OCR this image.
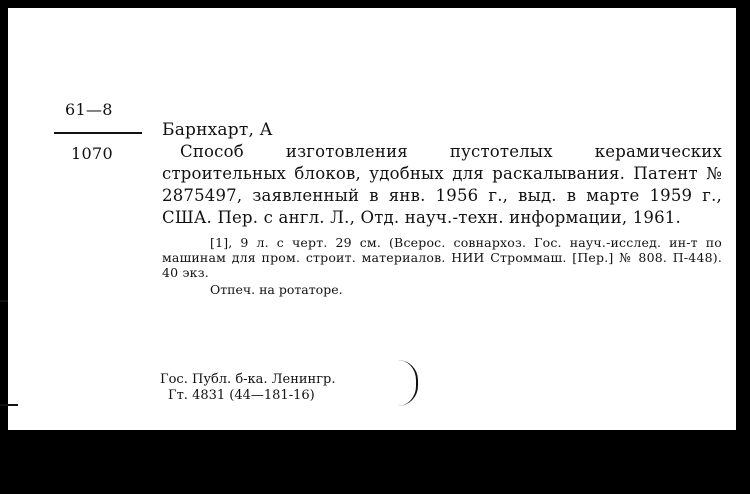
61—8
1070

Барнхарт, А

Способ изготовления пустотелых керамических строительных блоков, удобных для раскалывания. Патент № 2875497, заявленный в янв. 1956 г., выд. в марте 1959 г., США. Пер. с англ. Л., Отд. науч.-техн. информации, 1961.

[1], 9 л. с черт. 29 см. (Всерос. совнархоз. Гос. науч.-исслед. ин-т по машинам для пром. строит. материалов. НИИ Строммаш. [Пер.] № 808. П-448). 40 экз.

Отпеч. на ротаторе.
Гос. Публ. б-ка. Ленингр.
Гт. 4831 (44—181-16)
